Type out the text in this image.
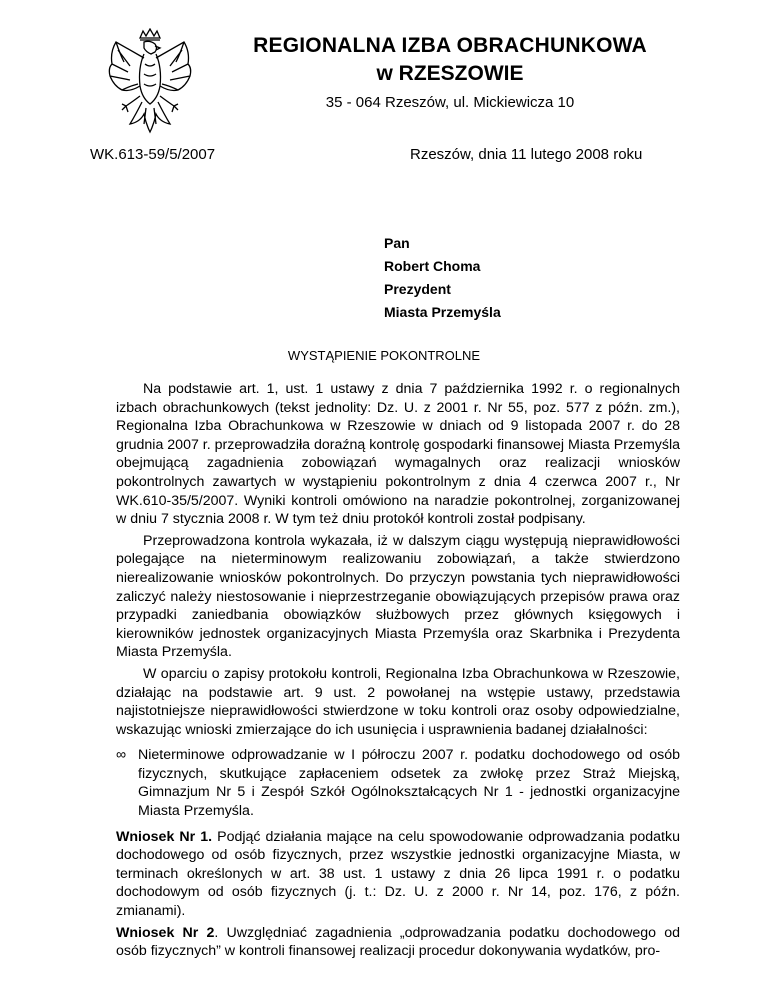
REGIONALNA IZBA OBRACHUNKOWA
w RZESZOWIE
35 - 064 Rzeszów, ul. Mickiewicza 10
WK.613-59/5/2007	Rzeszów, dnia 11 lutego 2008 roku
Pan
Robert Choma
Prezydent
Miasta Przemyśla
WYSTĄPIENIE POKONTROLNE

Na podstawie art. 1, ust. 1 ustawy z dnia 7 października 1992 r. o regionalnych izbach obrachunkowych (tekst jednolity: Dz. U. z 2001 r. Nr 55, poz. 577 z późn. zm.), Regionalna Izba Obrachunkowa w Rzeszowie w dniach od 9 listopada 2007 r. do 28 grudnia 2007 r. przeprowadziła doraźną kontrolę gospodarki finansowej Miasta Przemyśla obejmującą zagadnienia zobowiązań wymagalnych oraz realizacji wniosków pokontrolnych zawartych w wystąpieniu pokontrolnym z dnia 4 czerwca 2007 r., Nr WK.610-35/5/2007. Wyniki kontroli omówiono na naradzie pokontrolnej, zorganizowanej w dniu 7 stycznia 2008 r. W tym też dniu protokół kontroli został podpisany.

Przeprowadzona kontrola wykazała, iż w dalszym ciągu występują nieprawidłowości polegające na nieterminowym realizowaniu zobowiązań, a także stwierdzono nierealizowanie wniosków pokontrolnych. Do przyczyn powstania tych nieprawidłowości zaliczyć należy niestosowanie i nieprzestrzeganie obowiązujących przepisów prawa oraz przypadki zaniedbania obowiązków służbowych przez głównych księgowych i kierowników jednostek organizacyjnych Miasta Przemyśla oraz Skarbnika i Prezydenta Miasta Przemyśla.

W oparciu o zapisy protokołu kontroli, Regionalna Izba Obrachunkowa w Rzeszowie, działając na podstawie art. 9 ust. 2 powołanej na wstępie ustawy, przedstawia najistotniejsze nieprawidłowości stwierdzone w toku kontroli oraz osoby odpowiedzialne, wskazując wnioski zmierzające do ich usunięcia i usprawnienia badanej działalności:

∞ Nieterminowe odprowadzanie w I półroczu 2007 r. podatku dochodowego od osób fizycznych, skutkujące zapłaceniem odsetek za zwłokę przez Straż Miejską, Gimnazjum Nr 5 i Zespół Szkół Ogólnokształcących Nr 1 - jednostki organizacyjne Miasta Przemyśla.

Wniosek Nr 1. Podjąć działania mające na celu spowodowanie odprowadzania podatku dochodowego od osób fizycznych, przez wszystkie jednostki organizacyjne Miasta, w terminach określonych w art. 38 ust. 1 ustawy z dnia 26 lipca 1991 r. o podatku dochodowym od osób fizycznych (j. t.: Dz. U. z 2000 r. Nr 14, poz. 176, z późn. zmianami).

Wniosek Nr 2. Uwzględniać zagadnienia „odprowadzania podatku dochodowego od osób fizycznych” w kontroli finansowej realizacji procedur dokonywania wydatków, pro-
